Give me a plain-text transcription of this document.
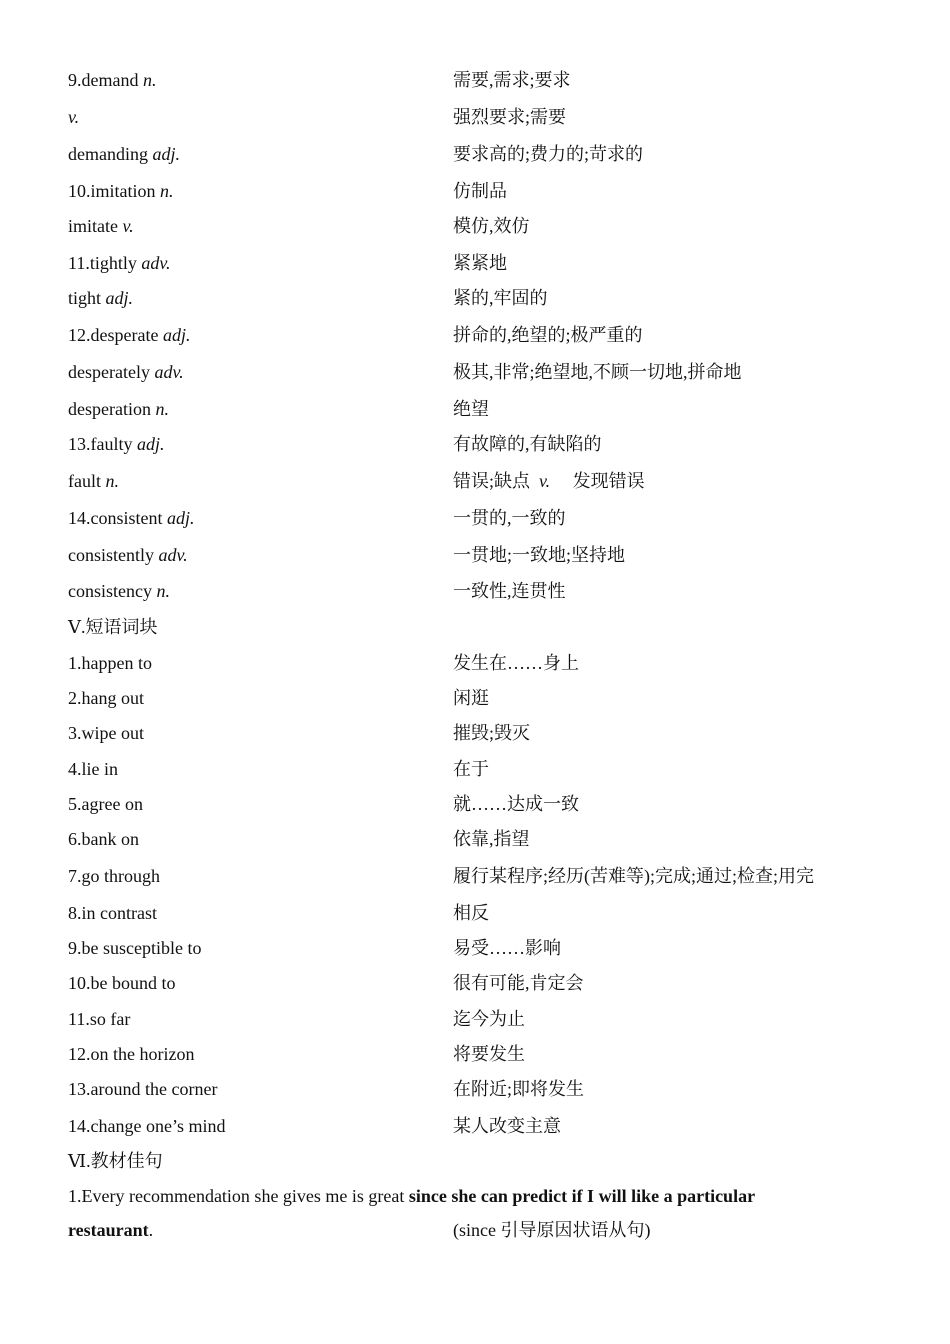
9.demand n.	需要,需求;要求
v.	强烈要求;需要
demanding adj.	要求高的;费力的;苛求的
10.imitation n.	仿制品
imitate v.	模仿,效仿
11.tightly adv.	紧紧地
tight adj.	紧的,牢固的
12.desperate adj.	拼命的,绝望的;极严重的
desperately adv.	极其,非常;绝望地,不顾一切地,拼命地
desperation n.	绝望
13.faulty adj.	有故障的,有缺陷的
fault n.	错误;缺点 v. 发现错误
14.consistent adj.	一贯的,一致的
consistently adv.	一贯地;一致地;坚持地
consistency n.	一致性,连贯性
Ⅴ.短语词块
1.happen to	发生在……身上
2.hang out	闲逛
3.wipe out	摧毁;毁灭
4.lie in	在于
5.agree on	就……达成一致
6.bank on	依靠,指望
7.go through	履行某程序;经历(苦难等);完成;通过;检查;用完
8.in contrast	相反
9.be susceptible to	易受……影响
10.be bound to	很有可能,肯定会
11.so far	迄今为止
12.on the horizon	将要发生
13.around the corner	在附近;即将发生
14.change one’s mind	某人改变主意
Ⅵ.教材佳句
1.Every recommendation she gives me is great since she can predict if I will like a particular
restaurant.	(since 引导原因状语从句)
